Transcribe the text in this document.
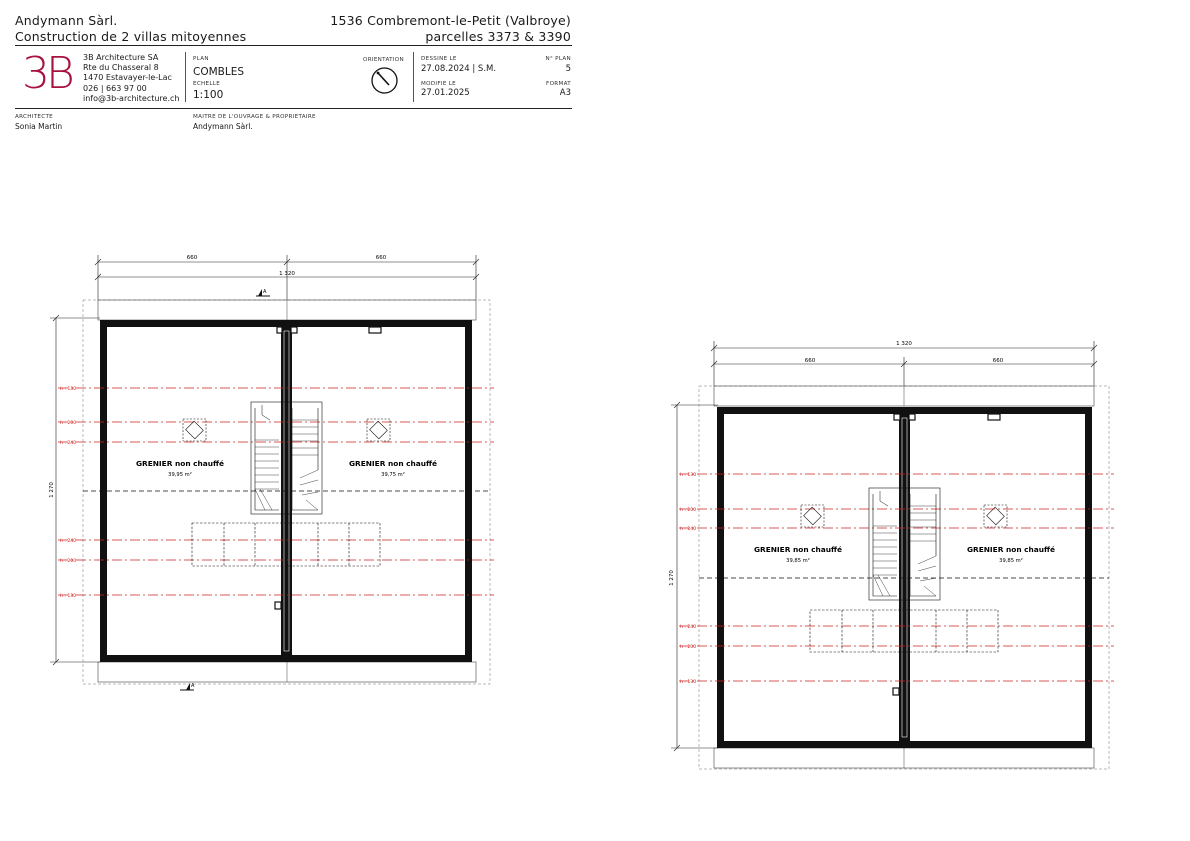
Andymann Sàrl.
Construction de 2 villas mitoyennes
1536 Combremont-le-Petit (Valbroye)
parcelles 3373 & 3390
3B 3B Architecture SA
Rte du Chasseral 8
1470 Estavayer-le-Lac
026 | 663 97 00
info@3b-architecture.ch
PLAN
COMBLES
ECHELLE
1:100
ORIENTATION	DESSINE LE
27.08.2024 | S.M.
MODIFIE LE
27.01.2025
N° PLAN
5
FORMAT
A3
ARCHITECTE
Sonia Martin
MAITRE DE L'OUVRAGE & PROPRIETAIRE
Andymann Sàrl.
660	660
1 320
1 270
A
A
h : 130
h : 200
h : 240
h : 240
h : 200
h : 130
GRENIER non chauffé
39,95 m²
GRENIER non chauffé
39,75 m²
1 320
660	660
1 270
h : 130
h : 200
h : 240
h : 240
h : 200
h : 130
GRENIER non chauffé
39,85 m²
GRENIER non chauffé
39,85 m²
